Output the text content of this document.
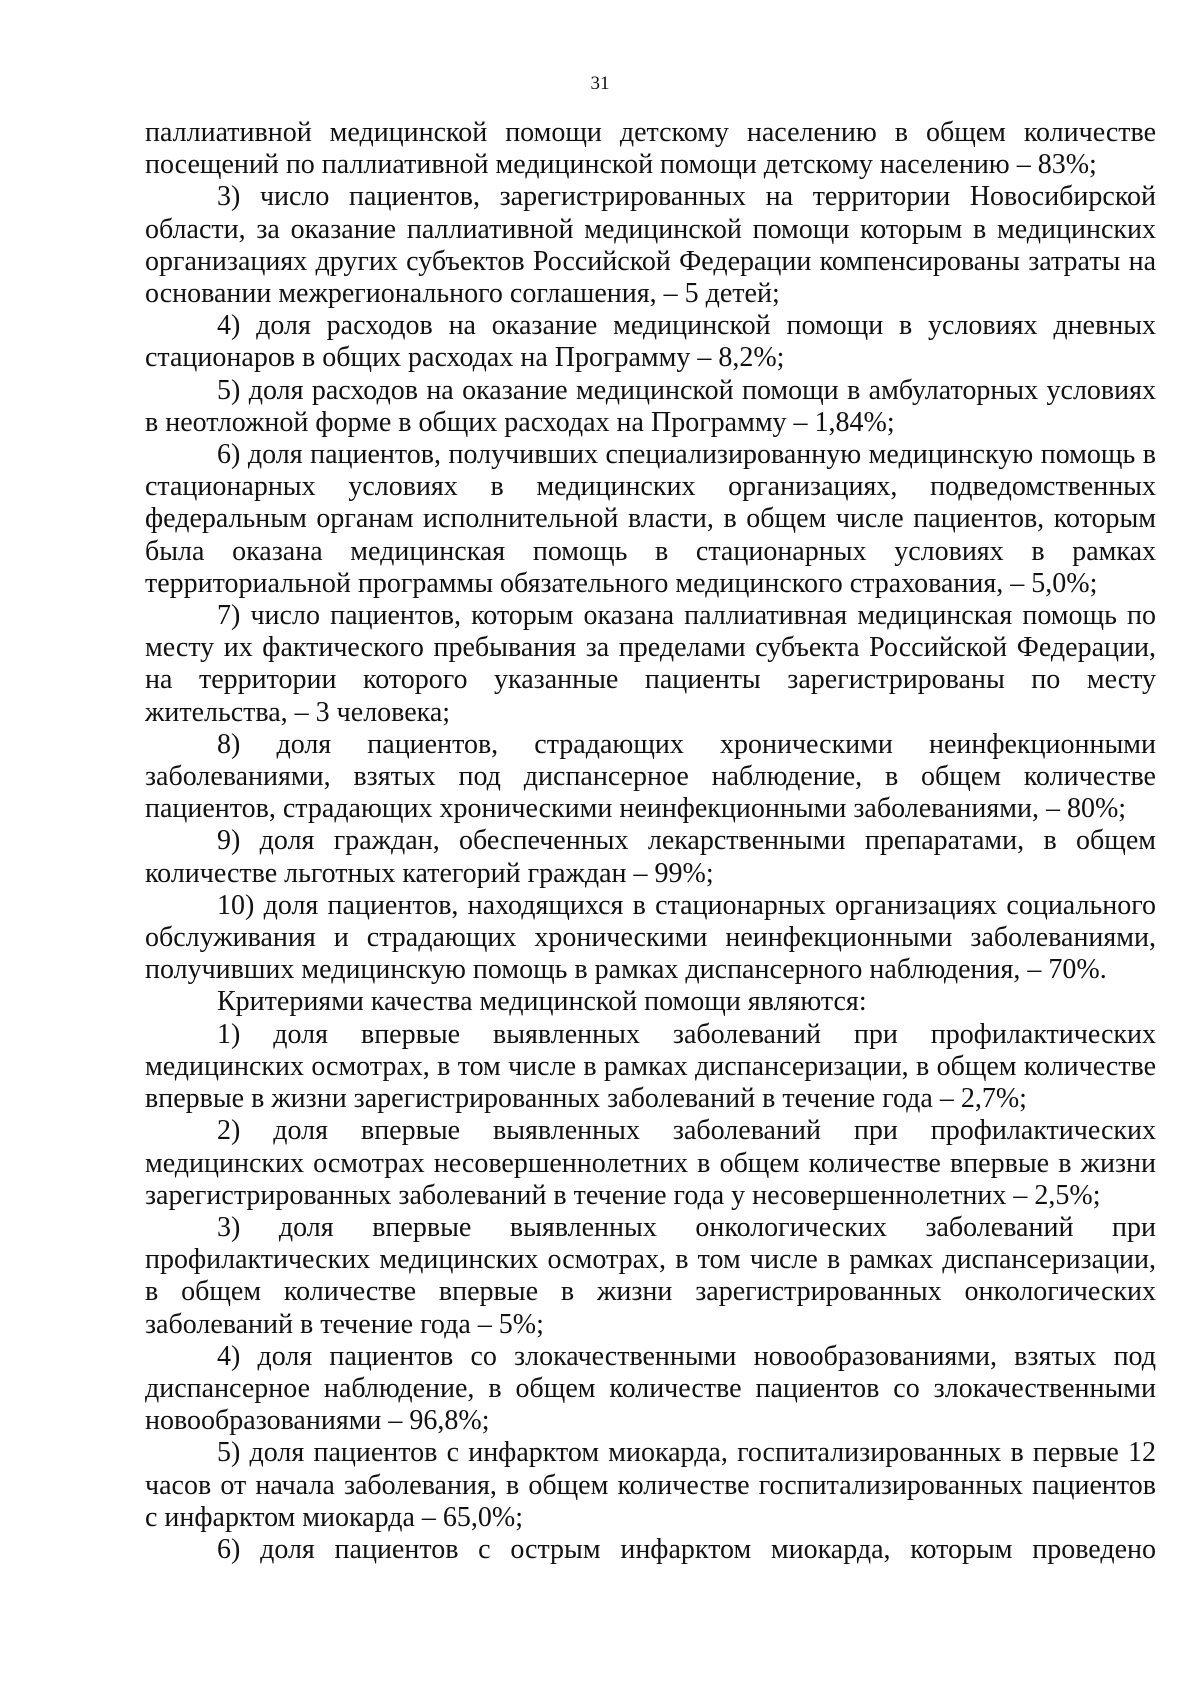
31

паллиативной медицинской помощи детскому населению в общем количестве посещений по паллиативной медицинской помощи детскому населению – 83%;

3) число пациентов, зарегистрированных на территории Новосибирской области, за оказание паллиативной медицинской помощи которым в медицинских организациях других субъектов Российской Федерации компенсированы затраты на основании межрегионального соглашения, – 5 детей;

4) доля расходов на оказание медицинской помощи в условиях дневных стационаров в общих расходах на Программу – 8,2%;

5) доля расходов на оказание медицинской помощи в амбулаторных условиях в неотложной форме в общих расходах на Программу – 1,84%;

6) доля пациентов, получивших специализированную медицинскую помощь в стационарных условиях в медицинских организациях, подведомственных федеральным органам исполнительной власти, в общем числе пациентов, которым была оказана медицинская помощь в стационарных условиях в рамках территориальной программы обязательного медицинского страхования, – 5,0%;

7) число пациентов, которым оказана паллиативная медицинская помощь по месту их фактического пребывания за пределами субъекта Российской Федерации, на территории которого указанные пациенты зарегистрированы по месту жительства, – 3 человека;

8) доля пациентов, страдающих хроническими неинфекционными заболеваниями, взятых под диспансерное наблюдение, в общем количестве пациентов, страдающих хроническими неинфекционными заболеваниями, – 80%;

9) доля граждан, обеспеченных лекарственными препаратами, в общем количестве льготных категорий граждан – 99%;

10) доля пациентов, находящихся в стационарных организациях социального обслуживания и страдающих хроническими неинфекционными заболеваниями, получивших медицинскую помощь в рамках диспансерного наблюдения, – 70%.

Критериями качества медицинской помощи являются:

1) доля впервые выявленных заболеваний при профилактических медицинских осмотрах, в том числе в рамках диспансеризации, в общем количестве впервые в жизни зарегистрированных заболеваний в течение года – 2,7%;

2) доля впервые выявленных заболеваний при профилактических медицинских осмотрах несовершеннолетних в общем количестве впервые в жизни зарегистрированных заболеваний в течение года у несовершеннолетних – 2,5%;

3) доля впервые выявленных онкологических заболеваний при профилактических медицинских осмотрах, в том числе в рамках диспансеризации, в общем количестве впервые в жизни зарегистрированных онкологических заболеваний в течение года – 5%;

4) доля пациентов со злокачественными новообразованиями, взятых под диспансерное наблюдение, в общем количестве пациентов со злокачественными новообразованиями – 96,8%;

5) доля пациентов с инфарктом миокарда, госпитализированных в первые 12 часов от начала заболевания, в общем количестве госпитализированных пациентов с инфарктом миокарда – 65,0%;

6) доля пациентов с острым инфарктом миокарда, которым проведено
